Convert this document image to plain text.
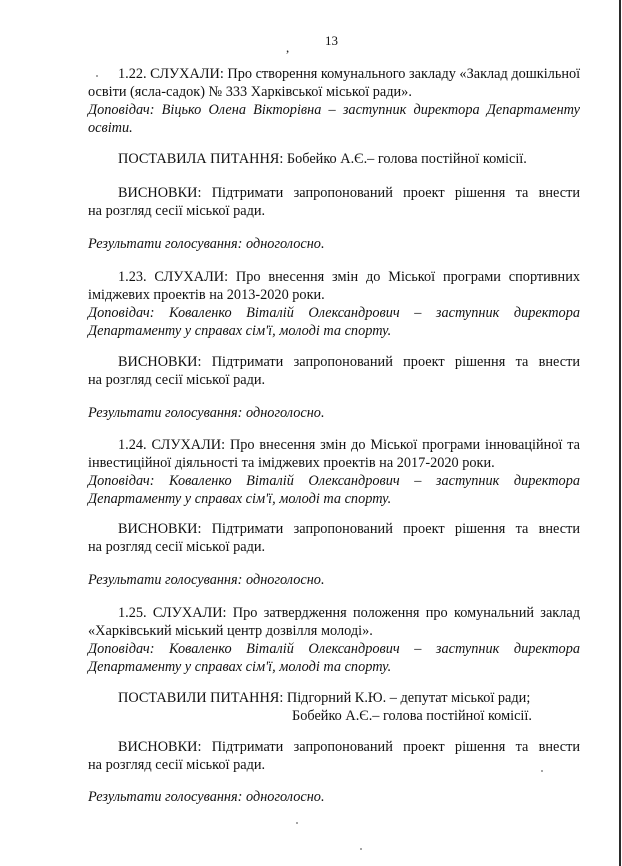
,	13
1.22. СЛУХАЛИ: Про створення комунального закладу «Заклад дошкільної
освіти (ясла-садок) № 333 Харківської міської ради».
Доповідач: Віцько Олена Вікторівна – заступник директора Департаменту
освіти.
ПОСТАВИЛА ПИТАННЯ: Бобейко А.Є.– голова постійної комісії.
ВИСНОВКИ: Підтримати запропонований проект рішення та внести
на розгляд сесії міської ради.
Результати голосування: одноголосно.
1.23. СЛУХАЛИ: Про внесення змін до Міської програми спортивних
іміджевих проектів на 2013-2020 роки.
Доповідач: Коваленко Віталій Олександрович – заступник директора
Департаменту у справах сім'ї, молоді та спорту.
ВИСНОВКИ: Підтримати запропонований проект рішення та внести
на розгляд сесії міської ради.
Результати голосування: одноголосно.
1.24. СЛУХАЛИ: Про внесення змін до Міської програми інноваційної та
інвестиційної діяльності та іміджевих проектів на 2017-2020 роки.
Доповідач: Коваленко Віталій Олександрович – заступник директора
Департаменту у справах сім'ї, молоді та спорту.
ВИСНОВКИ: Підтримати запропонований проект рішення та внести
на розгляд сесії міської ради.
Результати голосування: одноголосно.
1.25. СЛУХАЛИ: Про затвердження положення про комунальний заклад
«Харківський міський центр дозвілля молоді».
Доповідач: Коваленко Віталій Олександрович – заступник директора
Департаменту у справах сім'ї, молоді та спорту.
ПОСТАВИЛИ ПИТАННЯ: Підгорний К.Ю. – депутат міської ради;
Бобейко А.Є.– голова постійної комісії.
ВИСНОВКИ: Підтримати запропонований проект рішення та внести
на розгляд сесії міської ради.
Результати голосування: одноголосно.
